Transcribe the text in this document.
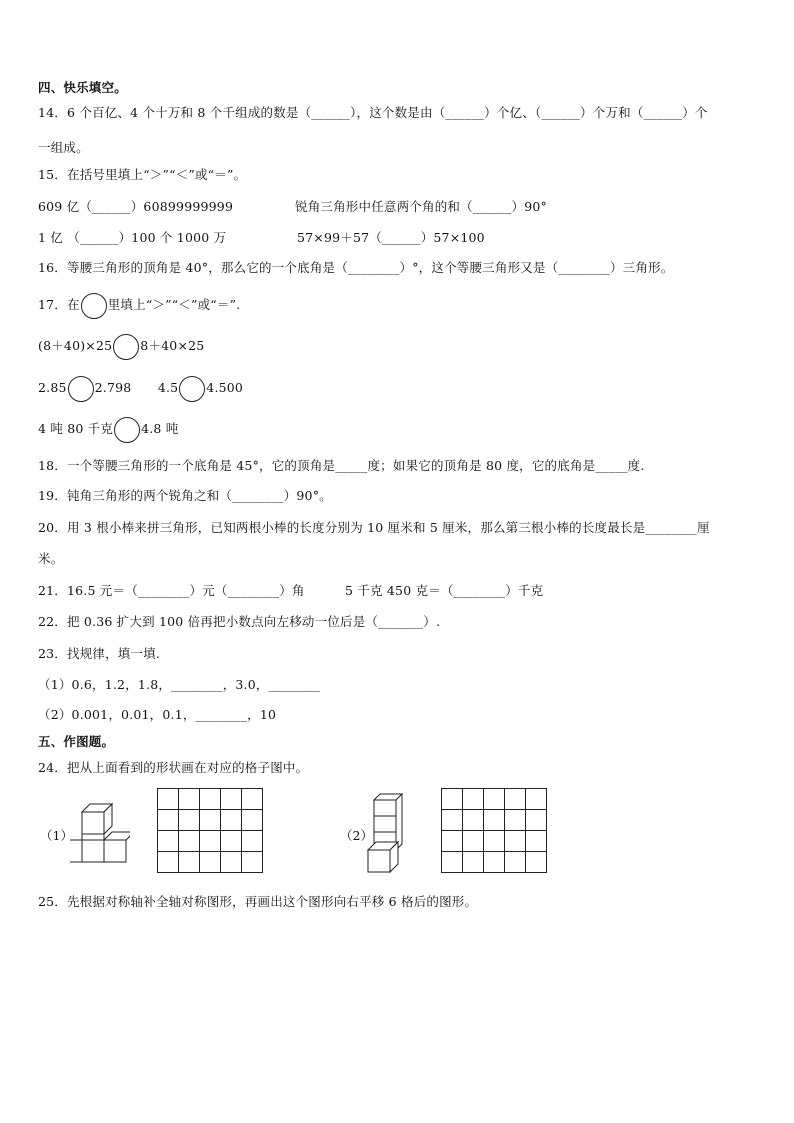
四、快乐填空。
14．6 个百亿、4 个十万和 8 个千组成的数是（______），这个数是由（______）个亿、（______）个万和（______）个
一组成。
15．在括号里填上“＞”“＜”或“＝”。
609 亿（______）60899999999	锐角三角形中任意两个角的和（______）90°
1 亿 （______）100 个 1000 万	57×99＋57（______）57×100
16．等腰三角形的顶角是 40°，那么它的一个底角是（________）°，这个等腰三角形又是（________）三角形。
17．在 里填上“＞”“＜”或“＝”.
(8＋40)×25 8＋40×25
2.85 2.798 4.5 4.500
4 吨 80 千克 4.8 吨
18．一个等腰三角形的一个底角是 45°，它的顶角是_____度；如果它的顶角是 80 度，它的底角是_____度.
19．钝角三角形的两个锐角之和（________）90°。
20．用 3 根小棒来拼三角形，已知两根小棒的长度分别为 10 厘米和 5 厘米，那么第三根小棒的长度最长是________厘
米。
21．16.5 元＝（________）元（________）角	5 千克 450 克＝（________）千克
22．把 0.36 扩大到 100 倍再把小数点向左移动一位后是（_______）.
23．找规律，填一填.
（1）0.6，1.2，1.8，________，3.0，________
（2）0.001，0.01，0.1，________，10
五、作图题。
24．把从上面看到的形状画在对应的格子图中。
（1）

					（2）

25．先根据对称轴补全轴对称图形，再画出这个图形向右平移 6 格后的图形。
